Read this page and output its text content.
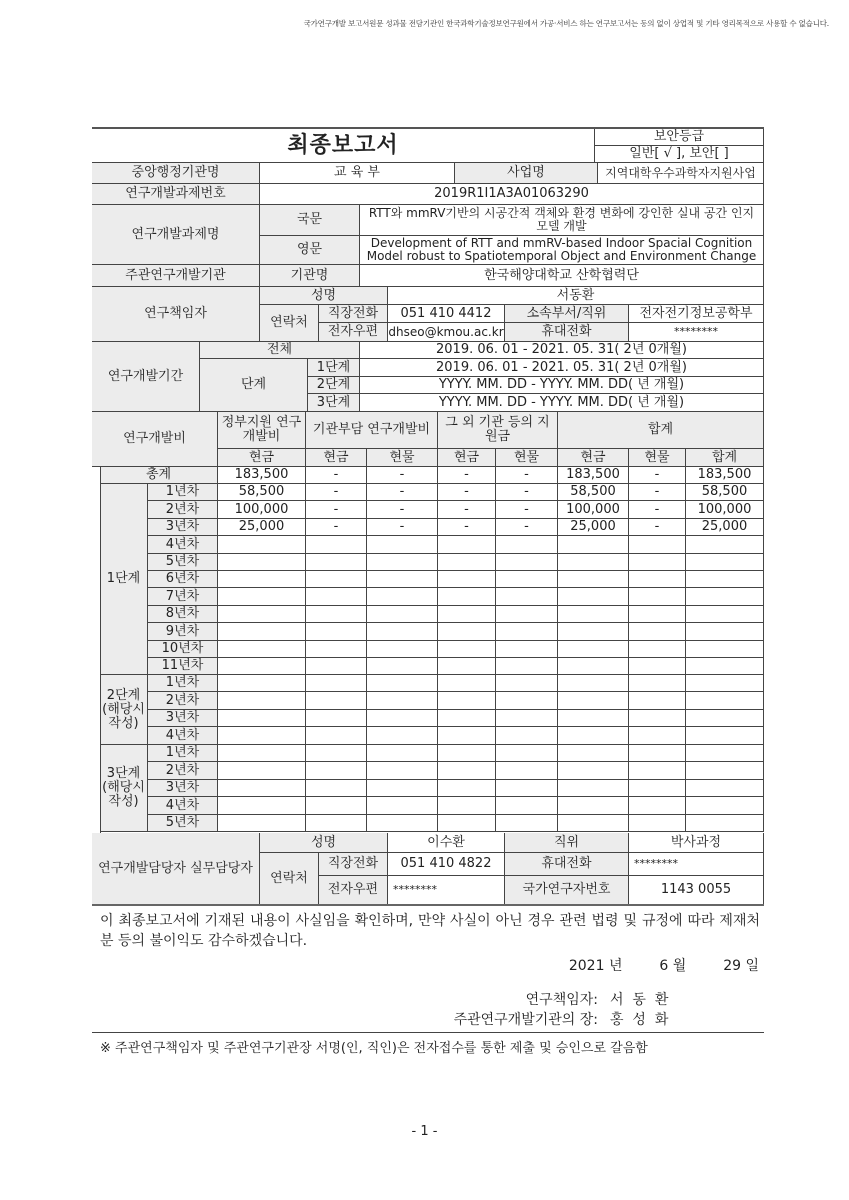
국가연구개발 보고서원문 성과물 전담기관인 한국과학기술정보연구원에서 가공·서비스 하는 연구보고서는 동의 없이 상업적 및 기타 영리목적으로 사용할 수 없습니다.
최종보고서	보안등급
일반[ √ ], 보안[ ]
중앙행정기관명	교 육 부	사업명	지역대학우수과학자지원사업
연구개발과제번호	2019R1I1A3A01063290
연구개발과제명
국문	RTT와 mmRV기반의 시공간적 객체와 환경 변화에 강인한 실내 공간 인지 모델 개발
영문	Development of RTT and mmRV-based Indoor Spacial Cognition Model robust to Spatiotemporal Object and Environment Change
주관연구개발기관	기관명	한국해양대학교 산학협력단
연구책임자
성명	서동환
연락처
직장전화	051 410 4412	소속부서/직위	전자전기정보공학부
전자우편 dhseo@kmou.ac.kr	휴대전화	********
연구개발기간
전체	2019. 06. 01 - 2021. 05. 31( 2년 0개월)
단계
1단계	2019. 06. 01 - 2021. 05. 31( 2년 0개월)
2단계	YYYY. MM. DD - YYYY. MM. DD( 년 개월)
3단계	YYYY. MM. DD - YYYY. MM. DD( 년 개월)
연구개발비
정부지원 연구개발비	기관부담 연구개발비	그 외 기관 등의 지원금	합계
현금	현금	현물	현금	현물	현금	현물	합계
총계	183,500	-	-	-	-	183,500	-	183,500
1단계
1년차	58,500	-	-	-	-	58,500	-	58,500
2년차	100,000	-	-	-	-	100,000	-	100,000
3년차	25,000	-	-	-	-	25,000	-	25,000
4년차
5년차
6년차
7년차
8년차
9년차
10년차
11년차
2단계 (해당시 작성)
1년차
2년차
3년차
4년차
3단계 (해당시 작성)
1년차
2년차
3년차
4년차
5년차
연구개발담당자 실무담당자
성명	이수환	직위	박사과정
연락처
직장전화	051 410 4822	휴대전화	********
전자우편	********	국가연구자번호	1143 0055
이 최종보고서에 기재된 내용이 사실임을 확인하며, 만약 사실이 아닌 경우 관련 법령 및 규정에 따라 제재처분 등의 불이익도 감수하겠습니다.
2021 년	6 월	29 일
연구책임자: 서  동  환
주관연구개발기관의 장: 홍  성  화
※ 주관연구책임자 및 주관연구기관장 서명(인, 직인)은 전자접수를 통한 제출 및 승인으로 갈음함
- 1 -
